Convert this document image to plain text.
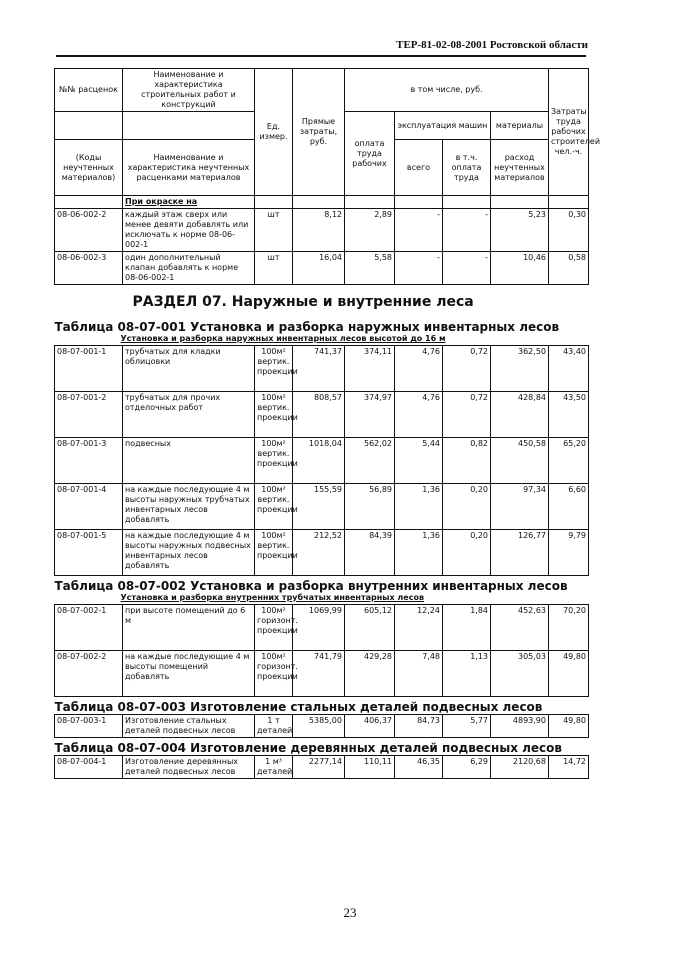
ТЕР-81-02-08-2001 Ростовской области
№№ расценок	Наименование и характеристика строительных работ и конструкций	Ед. измер.	Прямые затраты, руб.	в том числе, руб.				Затраты труда рабочих строителей чел.-ч.
				оплата труда рабочих	эксплуатация машин		материалы	
(Коды неучтенных материалов)	Наименование и характеристика неучтенных расценками материалов				всего	в т.ч. оплата труда	расход неучтенных материалов	

	При окраске на							
08-06-002-2	каждый этаж сверх или менее девяти добавлять или исключать к норме 08-06-002-1	шт	8,12	2,89	-	-	5,23	0,30
08-06-002-3	один дополнительный клапан добавлять к норме 08-06-002-1	шт	16,04	5,58	-	-	10,46	0,58
РАЗДЕЛ 07. Наружные и внутренние леса								
Таблица 08-07-001 Установка и разборка наружных инвентарных лесов								
Установка и разборка наружных инвентарных лесов высотой до 16 м								
08-07-001-1	трубчатых для кладки облицовки	100м² вертик. проекции	741,37	374,11	4,76	0,72	362,50	43,40
08-07-001-2	трубчатых для прочих отделочных работ	100м² вертик. проекции	808,57	374,97	4,76	0,72	428,84	43,50
08-07-001-3	подвесных	100м² вертик. проекции	1018,04	562,02	5,44	0,82	450,58	65,20
08-07-001-4	на каждые последующие 4 м высоты наружных трубчатых инвентарных лесов добавлять	100м² вертик. проекции	155,59	56,89	1,36	0,20	97,34	6,60
08-07-001-5	на каждые последующие 4 м высоты наружных подвесных инвентарных лесов добавлять	100м² вертик. проекции	212,52	84,39	1,36	0,20	126,77	9,79
Таблица 08-07-002 Установка и разборка внутренних инвентарных лесов								
Установка и разборка внутренних трубчатых инвентарных лесов								
08-07-002-1	при высоте помещений до 6 м	100м² горизонт. проекции	1069,99	605,12	12,24	1,84	452,63	70,20
08-07-002-2	на каждые последующие 4 м высоты помещений добавлять	100м² горизонт. проекции	741,79	429,28	7,48	1,13	305,03	49,80
Таблица 08-07-003 Изготовление стальных деталей подвесных лесов								
08-07-003-1	Изготовление стальных деталей подвесных лесов	1 т деталей	5385,00	406,37	84,73	5,77	4893,90	49,80
Таблица 08-07-004 Изготовление деревянных деталей подвесных лесов								
08-07-004-1	Изготовление деревянных деталей подвесных лесов	1 м³ деталей	2277,14	110,11	46,35	6,29	2120,68	14,72
23
